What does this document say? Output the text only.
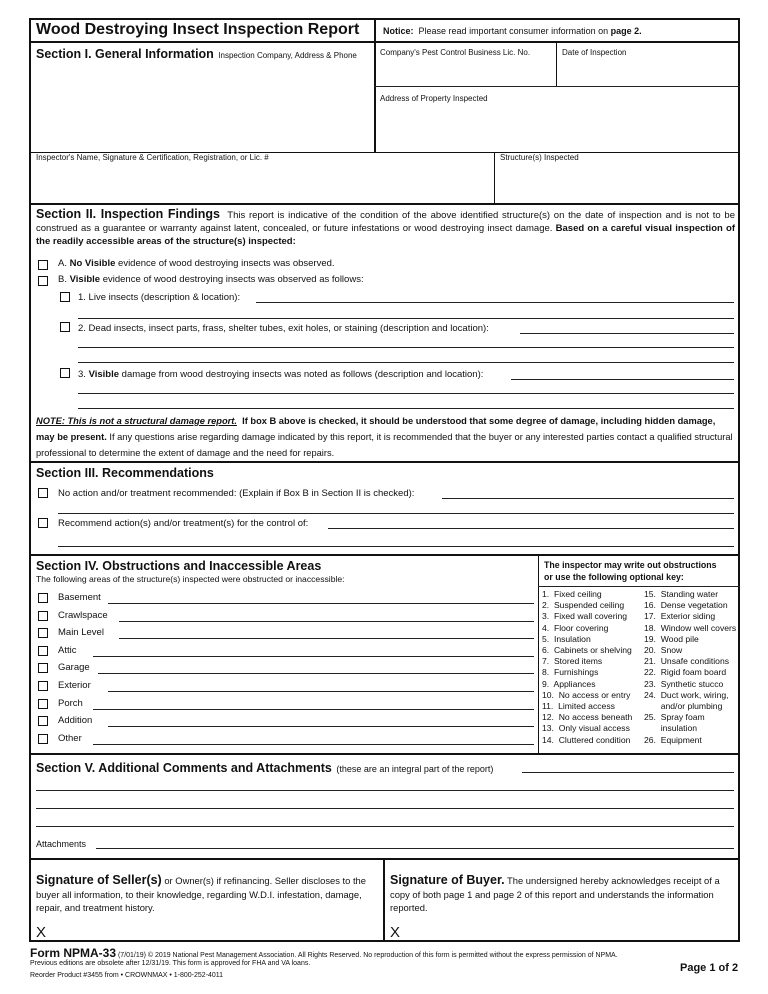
Wood Destroying Insect Inspection Report	Notice: Please read important consumer information on page 2.
Section I. General Information Inspection Company, Address & Phone	Company's Pest Control Business Lic. No.	Date of Inspection
Address of Property Inspected
Inspector's Name, Signature & Certification, Registration, or Lic. #	Structure(s) Inspected
Section II. Inspection Findings This report is indicative of the condition of the above identified structure(s) on the date of inspection and is not to be construed as a guarantee or warranty against latent, concealed, or future infestations or wood destroying insect damage. Based on a careful visual inspection of the readily accessible areas of the structure(s) inspected:
A. No Visible evidence of wood destroying insects was observed.
B. Visible evidence of wood destroying insects was observed as follows:
1. Live insects (description & location):
2. Dead insects, insect parts, frass, shelter tubes, exit holes, or staining (description and location):
3. Visible damage from wood destroying insects was noted as follows (description and location):
NOTE: This is not a structural damage report. If box B above is checked, it should be understood that some degree of damage, including hidden damage, may be present. If any questions arise regarding damage indicated by this report, it is recommended that the buyer or any interested parties contact a qualified structural professional to determine the extent of damage and the need for repairs.
Section III. Recommendations
No action and/or treatment recommended: (Explain if Box B in Section II is checked):
Recommend action(s) and/or treatment(s) for the control of:
Section IV. Obstructions and Inaccessible Areas
The following areas of the structure(s) inspected were obstructed or inaccessible:
The inspector may write out obstructions
or use the following optional key:
Basement
Crawlspace
Main Level
Attic
Garage
Exterior
Porch
Addition
Other
1.  Fixed ceiling
2.  Suspended ceiling
3.  Fixed wall covering
4.  Floor covering
5.  Insulation
6.  Cabinets or shelving
7.  Stored items
8.  Furnishings
9.  Appliances
10.  No access or entry
11.  Limited access
12.  No access beneath
13.  Only visual access
14.  Cluttered condition
15.  Standing water
16.  Dense vegetation
17.  Exterior siding
18.  Window well covers
19.  Wood pile
20.  Snow
21.  Unsafe conditions
22.  Rigid foam board
23.  Synthetic stucco
24.  Duct work, wiring,
and/or plumbing
25.  Spray foam
insulation
26.  Equipment
Section V. Additional Comments and Attachments (these are an integral part of the report)
Attachments
Signature of Seller(s) or Owner(s) if refinancing. Seller discloses to the buyer all information, to their knowledge, regarding W.D.I. infestation, damage, repair, and treatment history.
Signature of Buyer. The undersigned hereby acknowledges receipt of a copy of both page 1 and page 2 of this report and understands the information reported.
X	X
Form NPMA-33 (7/01/19) © 2019 National Pest Management Association. All Rights Reserved. No reproduction of this form is permitted without the express permission of NPMA.
Previous editions are obsolete after 12/31/19. This form is approved for FHA and VA loans.
Reorder Product #3455 from • CROWNMAX • 1-800-252-4011
Page 1 of 2
